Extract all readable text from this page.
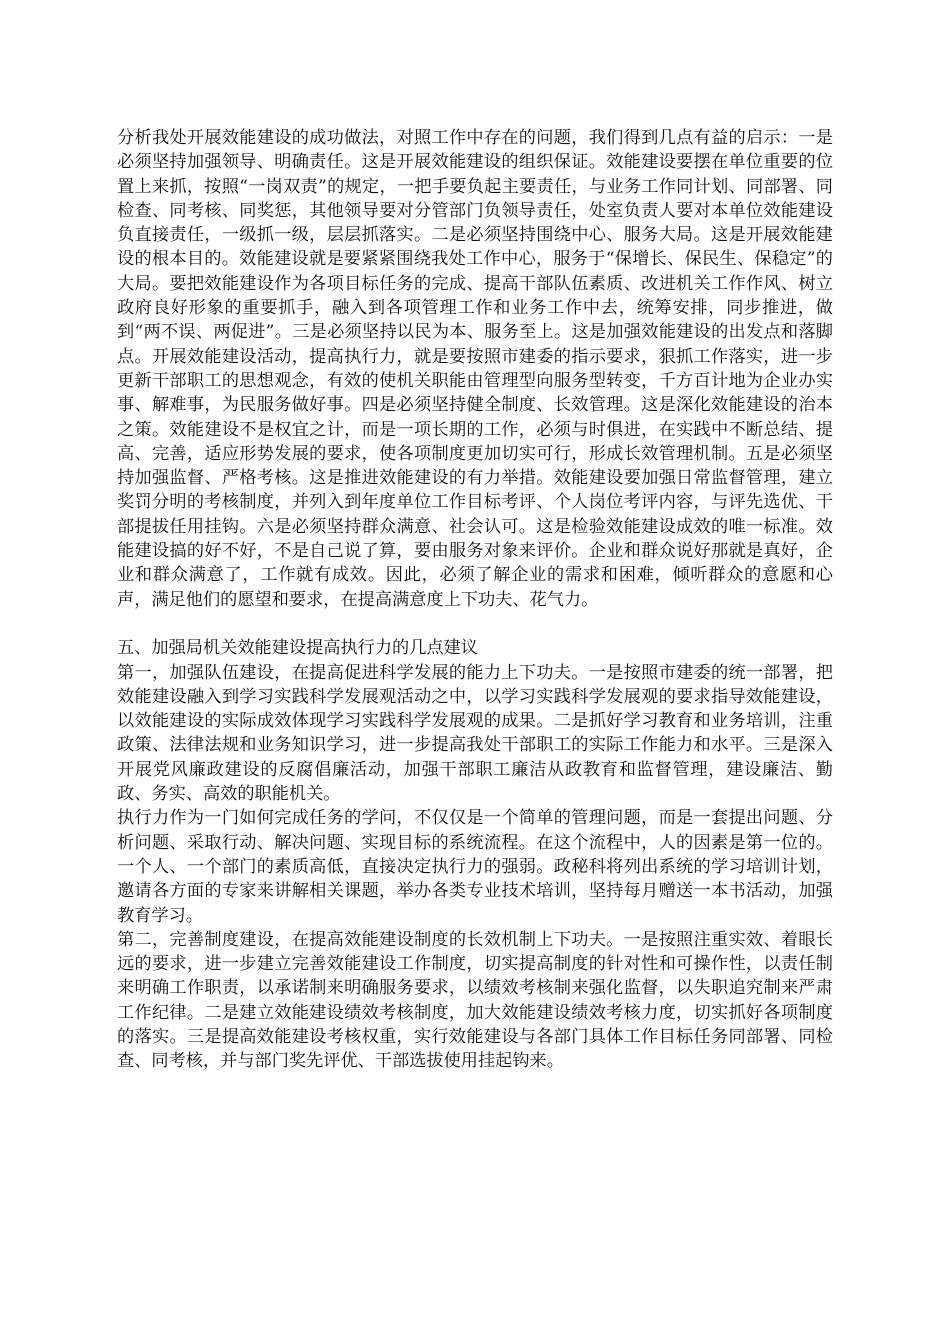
分析我处开展效能建设的成功做法，对照工作中存在的问题，我们得到几点有益的启示：一是必须坚持加强领导、明确责任。这是开展效能建设的组织保证。效能建设要摆在单位重要的位置上来抓，按照“一岗双责”的规定，一把手要负起主要责任，与业务工作同计划、同部署、同检查、同考核、同奖惩，其他领导要对分管部门负领导责任，处室负责人要对本单位效能建设负直接责任，一级抓一级，层层抓落实。二是必须坚持围绕中心、服务大局。这是开展效能建设的根本目的。效能建设就是要紧紧围绕我处工作中心，服务于“保增长、保民生、保稳定”的大局。要把效能建设作为各项目标任务的完成、提高干部队伍素质、改进机关工作作风、树立政府良好形象的重要抓手，融入到各项管理工作和业务工作中去，统筹安排，同步推进，做到“两不误、两促进”。三是必须坚持以民为本、服务至上。这是加强效能建设的出发点和落脚点。开展效能建设活动，提高执行力，就是要按照市建委的指示要求，狠抓工作落实，进一步更新干部职工的思想观念，有效的使机关职能由管理型向服务型转变，千方百计地为企业办实事、解难事，为民服务做好事。四是必须坚持健全制度、长效管理。这是深化效能建设的治本之策。效能建设不是权宜之计，而是一项长期的工作，必须与时俱进，在实践中不断总结、提高、完善，适应形势发展的要求，使各项制度更加切实可行，形成长效管理机制。五是必须坚持加强监督、严格考核。这是推进效能建设的有力举措。效能建设要加强日常监督管理，建立奖罚分明的考核制度，并列入到年度单位工作目标考评、个人岗位考评内容，与评先选优、干部提拔任用挂钩。六是必须坚持群众满意、社会认可。这是检验效能建设成效的唯一标准。效能建设搞的好不好，不是自己说了算，要由服务对象来评价。企业和群众说好那就是真好，企业和群众满意了，工作就有成效。因此，必须了解企业的需求和困难，倾听群众的意愿和心声，满足他们的愿望和要求，在提高满意度上下功夫、花气力。

五、加强局机关效能建设提高执行力的几点建议

第一，加强队伍建设，在提高促进科学发展的能力上下功夫。一是按照市建委的统一部署，把效能建设融入到学习实践科学发展观活动之中，以学习实践科学发展观的要求指导效能建设，以效能建设的实际成效体现学习实践科学发展观的成果。二是抓好学习教育和业务培训，注重政策、法律法规和业务知识学习，进一步提高我处干部职工的实际工作能力和水平。三是深入开展党风廉政建设的反腐倡廉活动，加强干部职工廉洁从政教育和监督管理，建设廉洁、勤政、务实、高效的职能机关。

执行力作为一门如何完成任务的学问，不仅仅是一个简单的管理问题，而是一套提出问题、分析问题、采取行动、解决问题、实现目标的系统流程。在这个流程中，人的因素是第一位的。一个人、一个部门的素质高低，直接决定执行力的强弱。政秘科将列出系统的学习培训计划，邀请各方面的专家来讲解相关课题，举办各类专业技术培训，坚持每月赠送一本书活动，加强教育学习。

第二，完善制度建设，在提高效能建设制度的长效机制上下功夫。一是按照注重实效、着眼长远的要求，进一步建立完善效能建设工作制度，切实提高制度的针对性和可操作性，以责任制来明确工作职责，以承诺制来明确服务要求，以绩效考核制来强化监督，以失职追究制来严肃工作纪律。二是建立效能建设绩效考核制度，加大效能建设绩效考核力度，切实抓好各项制度的落实。三是提高效能建设考核权重，实行效能建设与各部门具体工作目标任务同部署、同检查、同考核，并与部门奖先评优、干部选拔使用挂起钩来。
